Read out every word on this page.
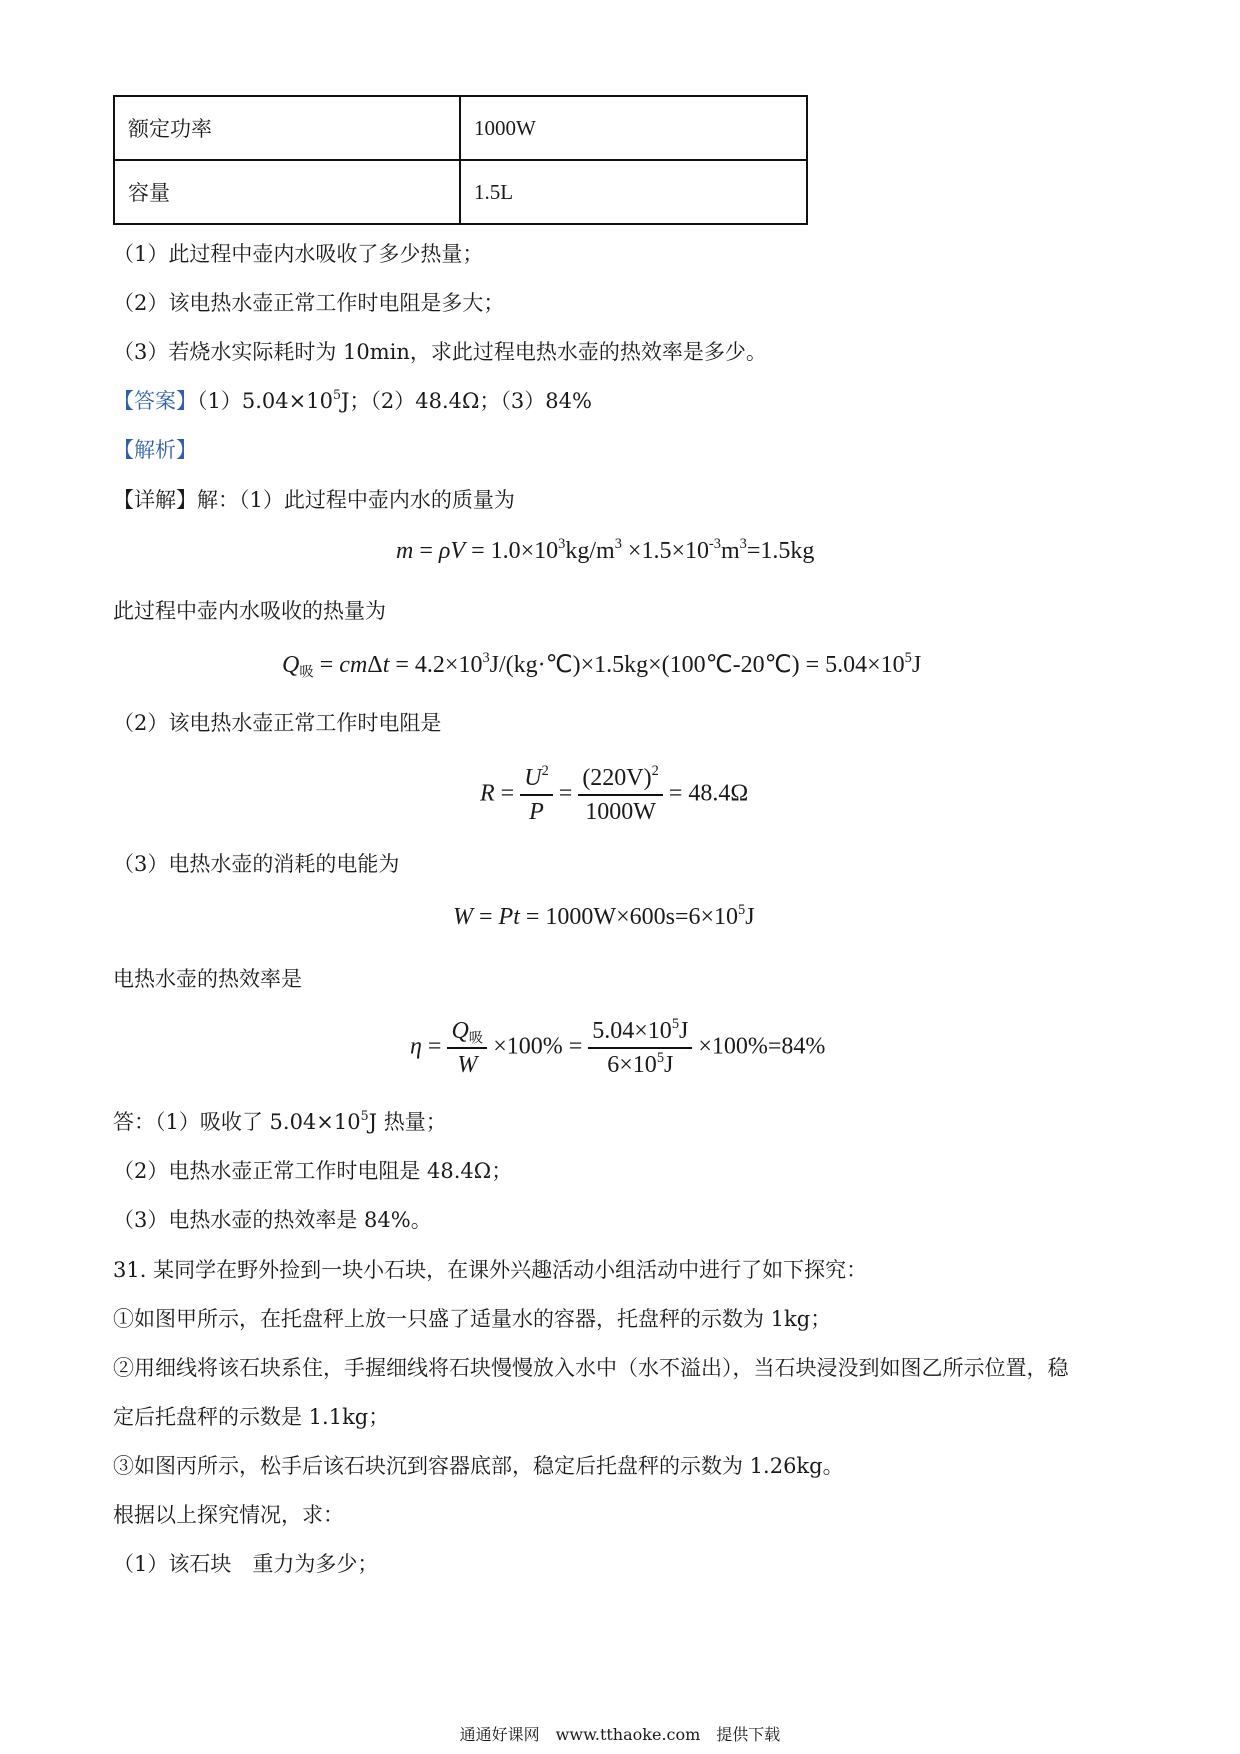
额定功率	1000W
容量	1.5L
（1）此过程中壶内水吸收了多少热量；
（2）该电热水壶正常工作时电阻是多大；
（3）若烧水实际耗时为 10min，求此过程电热水壶的热效率是多少。
【答案】$(1)5.04\times 10^5J$；（2）48.4Ω；（3）84%
【解析】
【详解】解：（1）此过程中壶内水的质量为
$m = \rho V = 1.0\times 10^3kg/m^3 \times 1.5\times 10^{-3}m^3=1.5kg$
此过程中壶内水吸收的热量为
$Q_吸 = cm\Delta t$ = $4.2\times 10^3J/(kg\cdot℃)\times 1.5kg\times(100℃-20℃) = 5.04\times 10^5J$
（2）该电热水壶正常工作时电阻是
$R = \frac{U^2}{P} = \frac{(220V)^2}{1000W} = 48.4\Omega$
（3）电热水壶的消耗的电能为
$W = Pt = 1000W\times 600s=6\times 10^5J$
电热水壶的热效率是
$\eta = \frac{Q_吸}{W} \times 100\% = \frac{5.04\times 10^5J}{6\times 10^5J} \times 100\%=84\%$
答：（1）吸收了 $5.04\times 10^5J$ 热量；
（2）电热水壶正常工作时电阻是 48.4Ω；
（3）电热水壶的热效率是 84%。
31. 某同学在野外捡到一块小石块，在课外兴趣活动小组活动中进行了如下探究：
①如图甲所示，在托盘秤上放一只盛了适量水的容器，托盘秤的示数为 1kg；
②用细线将该石块系住，手握细线将石块慢慢放入水中（水不溢出），当石块浸没到如图乙所示位置，稳
定后托盘秤的示数是 1.1kg；
③如图丙所示，松手后该石块沉到容器底部，稳定后托盘秤的示数为 1.26kg。
根据以上探究情况，求：
（1）该石块　重力为多少；
通通好课网　www.tthaoke.com　提供下载
